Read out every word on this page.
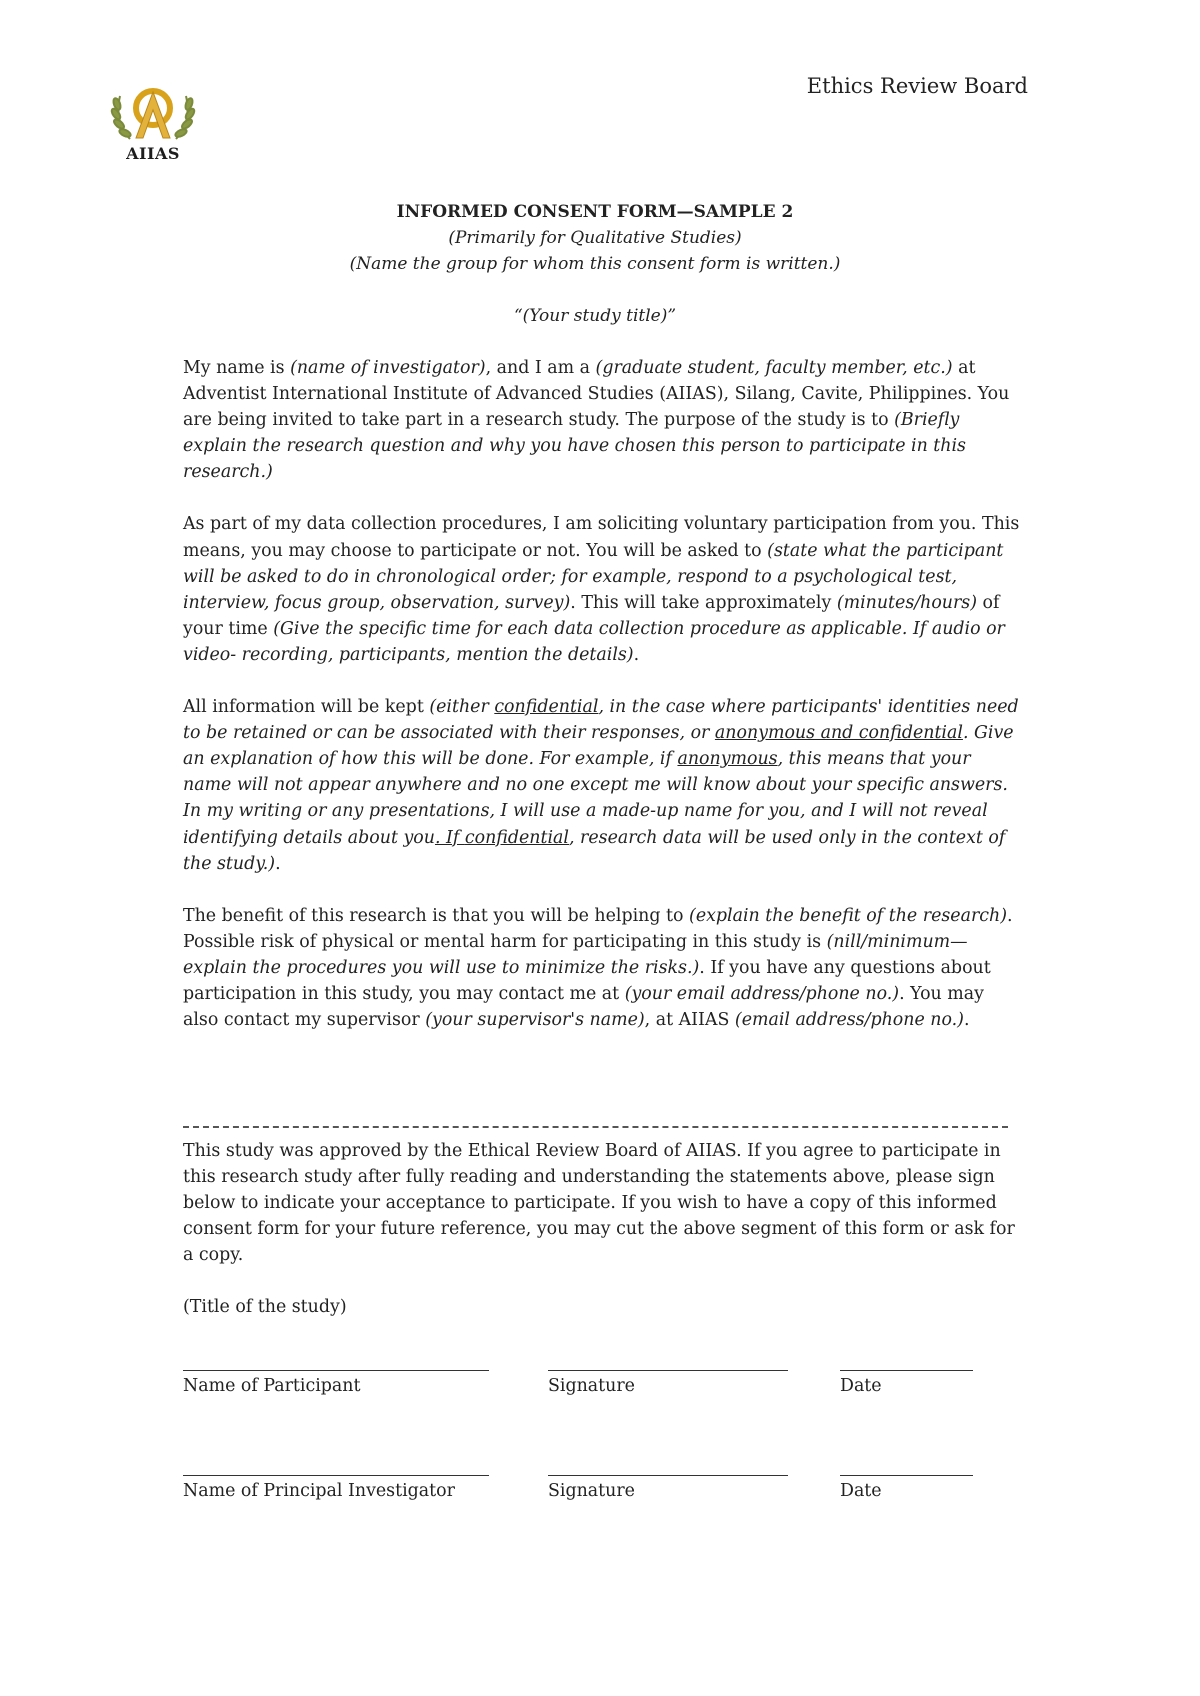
AIIAS
Ethics Review Board
INFORMED CONSENT FORM—SAMPLE 2
(Primarily for Qualitative Studies)
(Name the group for whom this consent form is written.)
“(Your study title)”

My name is (name of investigator), and I am a (graduate student, faculty member, etc.) at Adventist International Institute of Advanced Studies (AIIAS), Silang, Cavite, Philippines. You are being invited to take part in a research study. The purpose of the study is to (Briefly explain the research question and why you have chosen this person to participate in this research.)

As part of my data collection procedures, I am soliciting voluntary participation from you. This means, you may choose to participate or not. You will be asked to (state what the participant will be asked to do in chronological order; for example, respond to a psychological test, interview, focus group, observation, survey). This will take approximately (minutes/hours) of your time (Give the specific time for each data collection procedure as applicable. If audio or video- recording, participants, mention the details).

All information will be kept (either confidential, in the case where participants' identities need to be retained or can be associated with their responses, or anonymous and confidential. Give an explanation of how this will be done. For example, if anonymous, this means that your name will not appear anywhere and no one except me will know about your specific answers. In my writing or any presentations, I will use a made-up name for you, and I will not reveal identifying details about you. If confidential, research data will be used only in the context of the study.).

The benefit of this research is that you will be helping to (explain the benefit of the research). Possible risk of physical or mental harm for participating in this study is (nill/minimum—explain the procedures you will use to minimize the risks.). If you have any questions about participation in this study, you may contact me at (your email address/phone no.). You may also contact my supervisor (your supervisor's name), at AIIAS (email address/phone no.).

This study was approved by the Ethical Review Board of AIIAS. If you agree to participate in this research study after fully reading and understanding the statements above, please sign below to indicate your acceptance to participate. If you wish to have a copy of this informed consent form for your future reference, you may cut the above segment of this form or ask for a copy.

(Title of the study)

Name of Participant	Signature	Date
Name of Principal Investigator	Signature	Date
